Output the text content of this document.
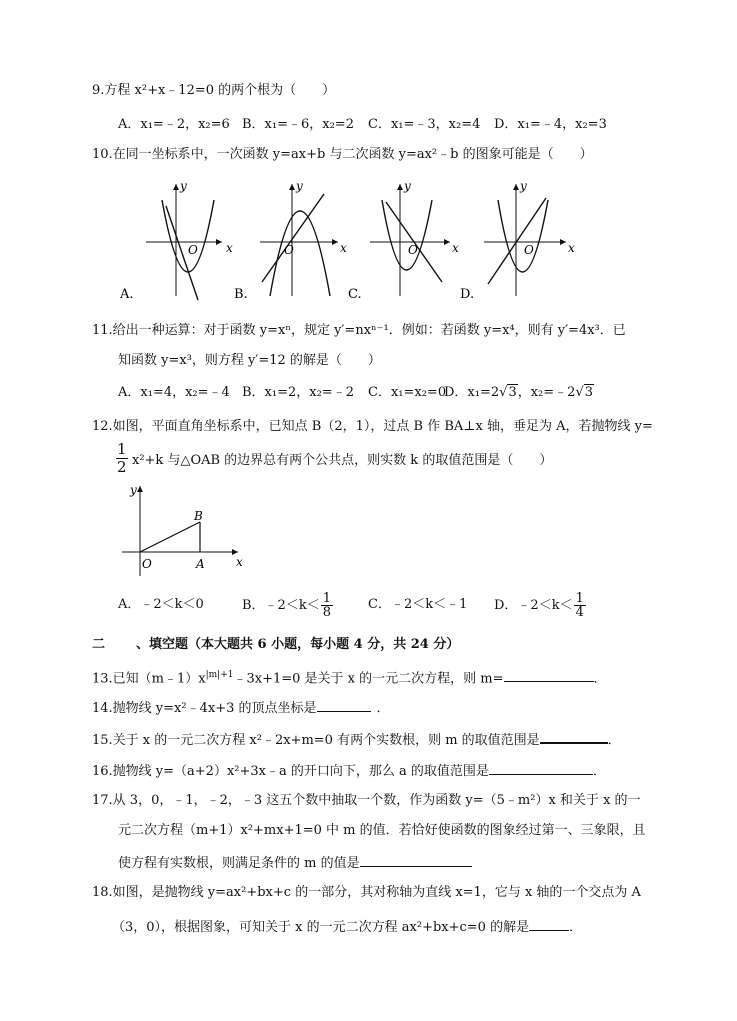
9.方程 x²+x﹣12=0 的两个根为（　　）
A．x₁=﹣2，x₂=6 B．x₁=﹣6，x₂=2 C．x₁=﹣3，x₂=4 D．x₁=﹣4，x₂=3
10.在同一坐标系中，一次函数 y=ax+b 与二次函数 y=ax²﹣b 的图象可能是（　　）
y
x
O
A.
y
x
O
B.
y
x
O
C.
y
x
O
D.
11.给出一种运算：对于函数 y=xⁿ，规定 y′=nxⁿ⁻¹．例如：若函数 y=x⁴，则有 y′=4x³．已
知函数 y=x³，则方程 y′=12 的解是（　　）
A．x₁=4，x₂=﹣4 B．x₁=2，x₂=﹣2 C．x₁=x₂=0
D．x₁=2√3，x₂=﹣2√3
12.如图，平面直角坐标系中，已知点 B（2，1），过点 B 作 BA⊥x 轴，垂足为 A，若抛物线 y=
$\frac{1}{2} x^2+k$ 与△OAB 的边界总有两个公共点，则实数 k 的取值范围是（　　）
y
x
O	A
B
A．﹣2＜k＜0	B．﹣2＜k＜ $\frac{1}{8}$	C．﹣2＜k＜﹣1 D．﹣2＜k＜ $\frac{1}{4}$
二 、填空题（本大题共 6 小题，每小题 4 分，共 24 分）
13.已知$(m﹣1)x^{|m|+1}﹣3x+1=0$ 是关于 x 的一元二次方程，则 m=	．
14.抛物线 y=x²﹣4x+3 的顶点坐标是	．
15.关于 x 的一元二次方程 x²﹣2x+m=0 有两个实数根，则 m 的取值范围是	．
16.抛物线 y=（a+2）x²+3x﹣a 的开口向下，那么 a 的取值范围是	．
17.从 3，0，﹣1，﹣2，﹣3 这五个数中抽取一个数，作为函数 y=（5﹣m²）x 和关于 x 的一
元二次方程（m+1）x²+mx+1=0 中 m 的值．若恰好使函数的图象经过第一、三象限，且
使方程有实数根，则满足条件的 m 的值是
18.如图，是抛物线 y=ax²+bx+c 的一部分，其对称轴为直线 x=1，它与 x 轴的一个交点为 A
（3，0），根据图象，可知关于 x 的一元二次方程 ax²+bx+c=0 的解是	．
